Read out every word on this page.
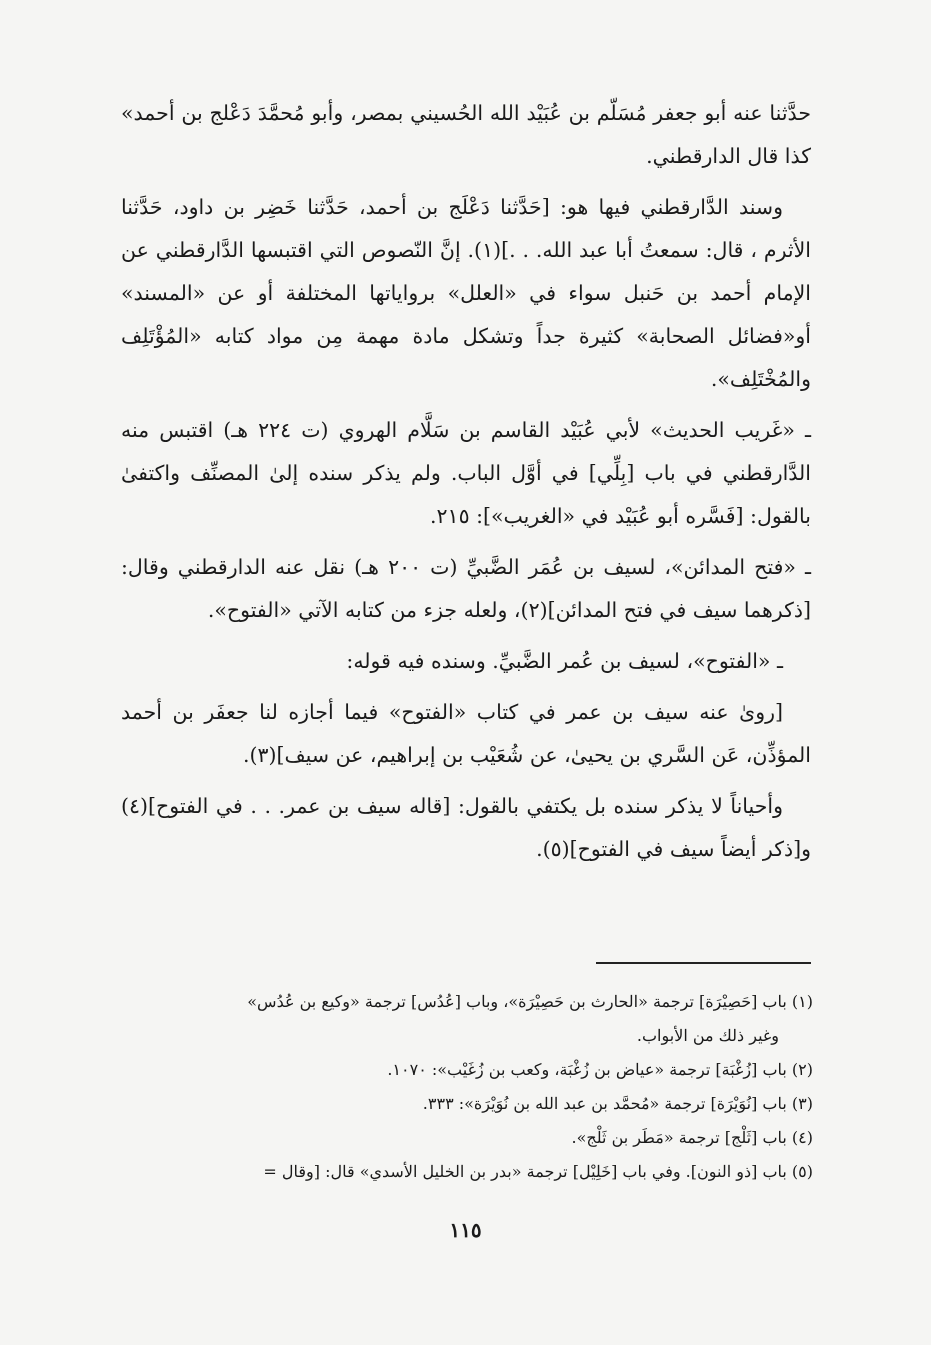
حدَّثنا عنه أبو جعفر مُسَلّم بن عُبَيْد الله الحُسيني بمصر، وأبو مُحمَّدَ دَعْلج بن أحمد» كذا قال الدارقطني.

وسند الدَّارقطني فيها هو: [حَدَّثنا دَعْلَج بن أحمد، حَدَّثنا خَضِر بن داود، حَدَّثنا الأثرم ، قال: سمعتُ أبا عبد الله. . .](١). إنَّ النّصوص التي اقتبسها الدَّارقطني عن الإمام أحمد بن حَنبل سواء في «العلل» برواياتها المختلفة أو عن «المسند» أو«فضائل الصحابة» كثيرة جداً وتشكل مادة مهمة مِن مواد كتابه «المُؤْتَلِف والمُخْتَلِف».

ـ «غَريب الحديث» لأبي عُبَيْد القاسم بن سَلَّام الهروي (ت ٢٢٤ هـ) اقتبس منه الدَّارقطني في باب [بِلِّي] في أوَّل الباب. ولم يذكر سنده إلىٰ المصنِّف واكتفىٰ بالقول: [فَسَّره أبو عُبَيْد في «الغريب»]: ٢١٥.

ـ «فتح المدائن»، لسيف بن عُمَر الضَّبيِّ (ت ٢٠٠ هـ) نقل عنه الدارقطني وقال: [ذكرهما سيف في فتح المدائن](٢)، ولعله جزء من كتابه الآتي «الفتوح».

ـ «الفتوح»، لسيف بن عُمر الضَّبيِّ. وسنده فيه قوله:

[روىٰ عنه سيف بن عمر في كتاب «الفتوح» فيما أجازه لنا جعفَر بن أحمد المؤذِّن، عَن السَّري بن يحيىٰ، عن شُعَيْب بن إبراهيم، عن سيف](٣).

وأحياناً لا يذكر سنده بل يكتفي بالقول: [قاله سيف بن عمر. . . في الفتوح](٤) و[ذكر أيضاً سيف في الفتوح](٥).

(١) باب [حَصِيْرَة] ترجمة «الحارث بن حَصِيْرَة»، وباب [عُدُس] ترجمة «وكيع بن عُدُس»

وغير ذلك من الأبواب.

(٢) باب [زُغْبَة] ترجمة «عياض بن زُغْبَة، وكعب بن زُغَيْب»: ١٠٧٠.

(٣) باب [نُوَيْرَة] ترجمة «مُحمَّد بن عبد الله بن نُوَيْرَة»: ٣٣٣.

(٤) باب [ثَلْج] ترجمة «مَطَر بن ثَلْج».

(٥) باب [ذو النون]. وفي باب [خَلِيْل] ترجمة «بدر بن الخليل الأسدي» قال: [وقال =

١١٥
